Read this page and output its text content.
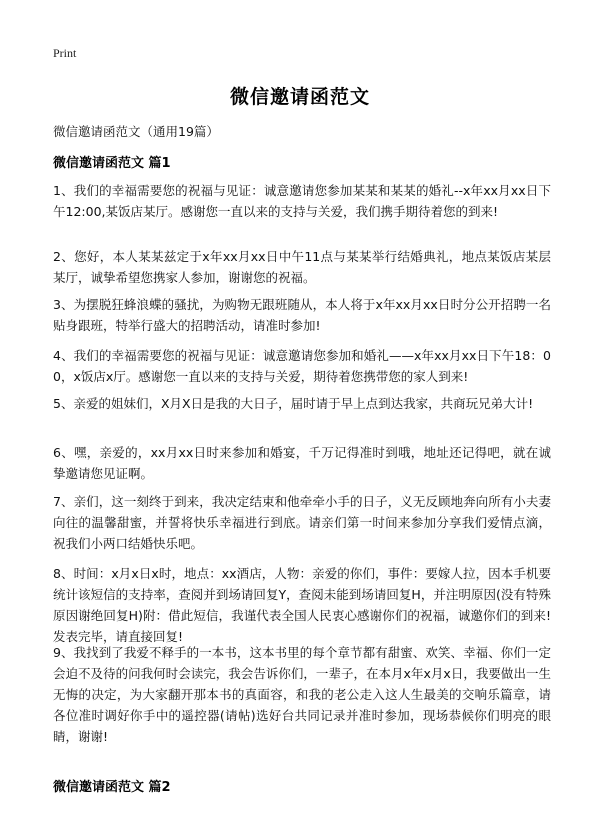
Print
微信邀请函范文
微信邀请函范文（通用19篇）
微信邀请函范文 篇1
1、我们的幸福需要您的祝福与见证：诚意邀请您参加某某和某某的婚礼--x年xx月xx日下午12:00,某饭店某厅。感谢您一直以来的支持与关爱，我们携手期待着您的到来!
2、您好，本人某某兹定于x年xx月xx日中午11点与某某举行结婚典礼，地点某饭店某层某厅，诚挚希望您携家人参加，谢谢您的祝福。
3、为摆脱狂蜂浪蝶的骚扰，为购物无跟班随从，本人将于x年xx月xx日时分公开招聘一名贴身跟班，特举行盛大的招聘活动，请准时参加!
4、我们的幸福需要您的祝福与见证：诚意邀请您参加和婚礼——x年xx月xx日下午18：00，x饭店x厅。感谢您一直以来的支持与关爱，期待着您携带您的家人到来!
5、亲爱的姐妹们，X月X日是我的大日子，届时请于早上点到达我家，共商玩兄弟大计!
6、嘿，亲爱的，xx月xx日时来参加和婚宴，千万记得准时到哦，地址还记得吧，就在诚挚邀请您见证啊。
7、亲们，这一刻终于到来，我决定结束和他牵牵小手的日子，义无反顾地奔向所有小夫妻向往的温馨甜蜜，并誓将快乐幸福进行到底。请亲们第一时间来参加分享我们爱情点滴，祝我们小两口结婚快乐吧。
8、时间：x月x日x时，地点：xx酒店，人物：亲爱的你们，事件：要嫁人拉，因本手机要统计该短信的支持率，查阅并到场请回复Y，查阅未能到场请回复H，并注明原因(没有特殊原因谢绝回复H)附：借此短信，我谨代表全国人民衷心感谢你们的祝福，诚邀你们的到来!发表完毕，请直接回复!
9、我找到了我爱不释手的一本书，这本书里的每个章节都有甜蜜、欢笑、幸福、你们一定会迫不及待的问我何时会读完，我会告诉你们，一辈子，在本月x年x月x日，我要做出一生无悔的决定，为大家翻开那本书的真面容，和我的老公走入这人生最美的交响乐篇章，请各位准时调好你手中的遥控器(请帖)选好台共同记录并准时参加，现场恭候你们明亮的眼睛，谢谢!
微信邀请函范文 篇2
